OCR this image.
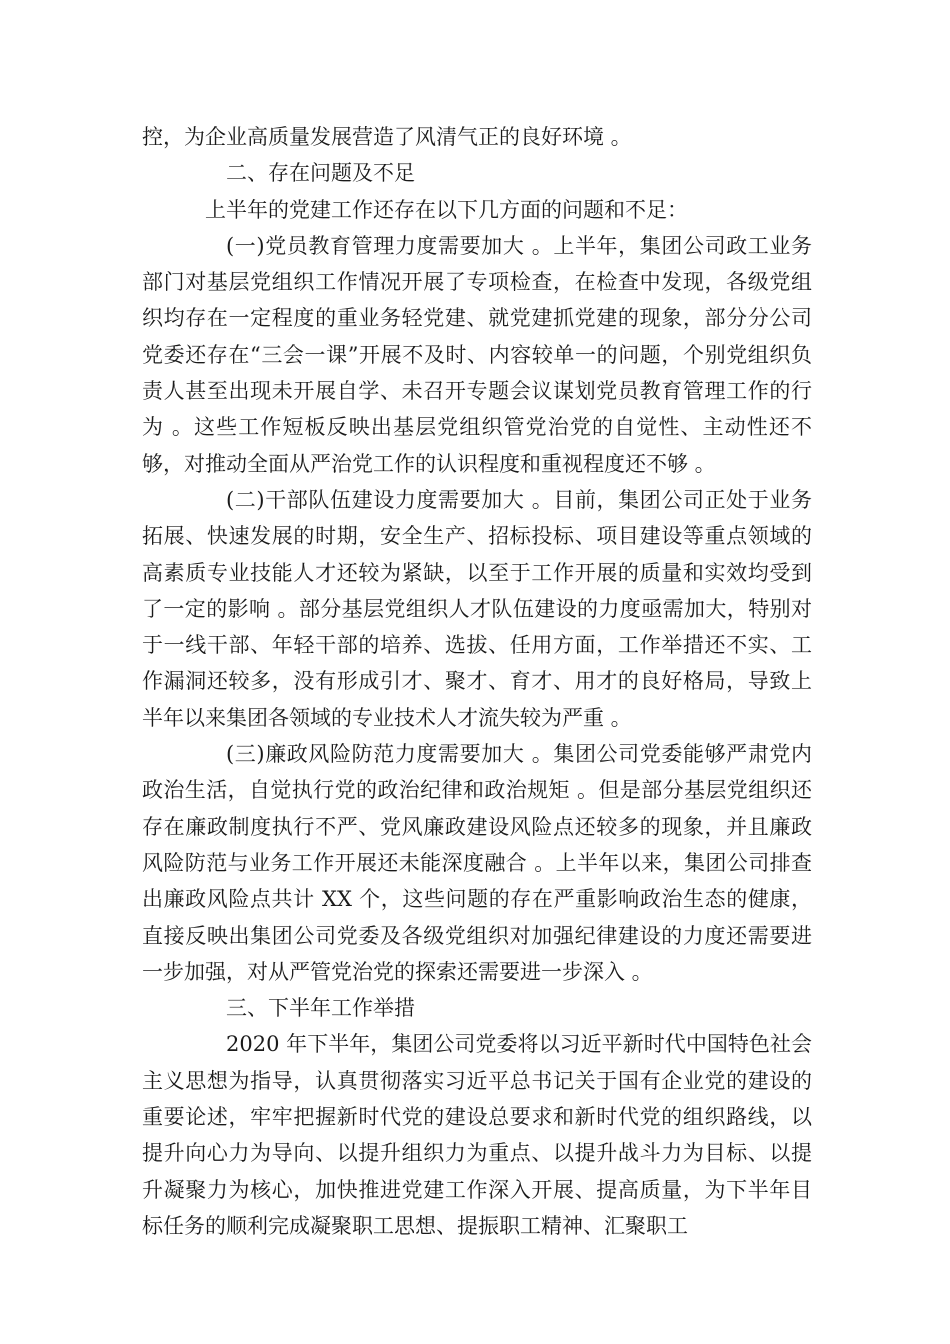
控，为企业高质量发展营造了风清气正的良好环境 。

二、存在问题及不足

上半年的党建工作还存在以下几方面的问题和不足：

(一)党员教育管理力度需要加大 。上半年，集团公司政工业务部门对基层党组织工作情况开展了专项检查，在检查中发现，各级党组织均存在一定程度的重业务轻党建、就党建抓党建的现象，部分分公司党委还存在“三会一课”开展不及时、内容较单一的问题，个别党组织负责人甚至出现未开展自学、未召开专题会议谋划党员教育管理工作的行为 。这些工作短板反映出基层党组织管党治党的自觉性、主动性还不够，对推动全面从严治党工作的认识程度和重视程度还不够 。

(二)干部队伍建设力度需要加大 。目前，集团公司正处于业务拓展、快速发展的时期，安全生产、招标投标、项目建设等重点领域的高素质专业技能人才还较为紧缺，以至于工作开展的质量和实效均受到了一定的影响 。部分基层党组织人才队伍建设的力度亟需加大，特别对于一线干部、年轻干部的培养、选拔、任用方面，工作举措还不实、工作漏洞还较多，没有形成引才、聚才、育才、用才的良好格局，导致上半年以来集团各领域的专业技术人才流失较为严重 。

(三)廉政风险防范力度需要加大 。集团公司党委能够严肃党内政治生活，自觉执行党的政治纪律和政治规矩 。但是部分基层党组织还存在廉政制度执行不严、党风廉政建设风险点还较多的现象，并且廉政风险防范与业务工作开展还未能深度融合 。上半年以来，集团公司排查出廉政风险点共计 XX 个，这些问题的存在严重影响政治生态的健康，直接反映出集团公司党委及各级党组织对加强纪律建设的力度还需要进一步加强，对从严管党治党的探索还需要进一步深入 。

三、下半年工作举措

2020 年下半年，集团公司党委将以习近平新时代中国特色社会主义思想为指导，认真贯彻落实习近平总书记关于国有企业党的建设的重要论述，牢牢把握新时代党的建设总要求和新时代党的组织路线，以提升向心力为导向、以提升组织力为重点、以提升战斗力为目标、以提升凝聚力为核心，加快推进党建工作深入开展、提高质量，为下半年目标任务的顺利完成凝聚职工思想、提振职工精神、汇聚职工
